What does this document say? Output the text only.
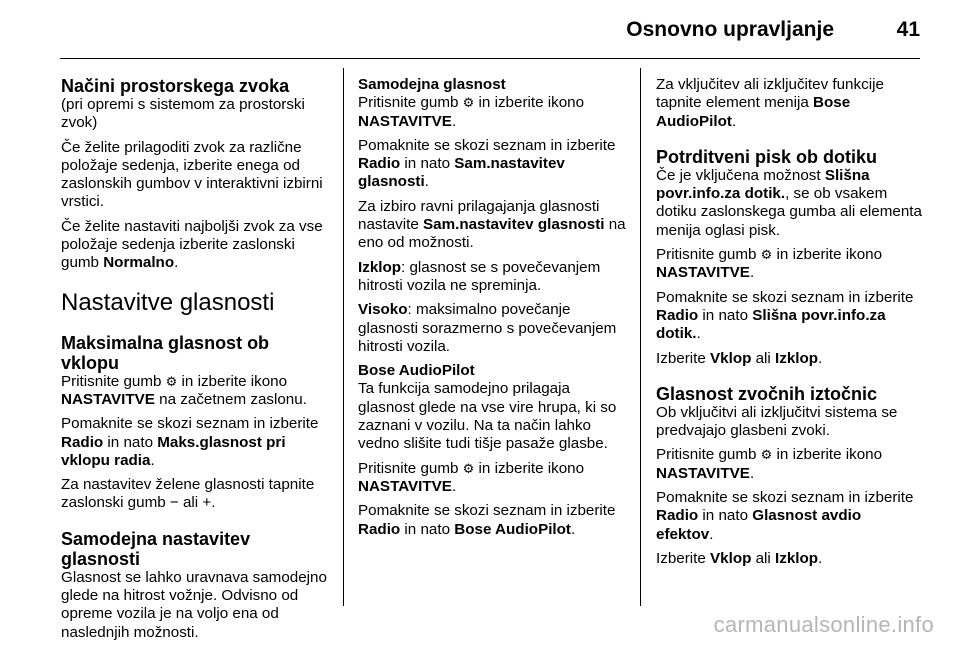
Osnovno upravljanje	41
Načini prostorskega zvoka

(pri opremi s sistemom za prostorski zvok)

Če želite prilagoditi zvok za različne položaje sedenja, izberite enega od zaslonskih gumbov v interaktivni izbirni vrstici.

Če želite nastaviti najboljši zvok za vse položaje sedenja izberite zaslonski gumb Normalno.

Nastavitve glasnosti
Maksimalna glasnost ob vklopu

Pritisnite gumb ⚙ in izberite ikono NASTAVITVE na začetnem zaslonu.

Pomaknite se skozi seznam in izberite Radio in nato Maks.glasnost pri vklopu radia.

Za nastavitev želene glasnosti tapnite zaslonski gumb − ali +.

Samodejna nastavitev glasnosti

Glasnost se lahko uravnava samodejno glede na hitrost vožnje. Odvisno od opreme vozila je na voljo ena od naslednjih možnosti.

Samodejna glasnost

Pritisnite gumb ⚙ in izberite ikono NASTAVITVE.

Pomaknite se skozi seznam in izberite Radio in nato Sam.nastavitev glasnosti.

Za izbiro ravni prilagajanja glasnosti nastavite Sam.nastavitev glasnosti na eno od možnosti.

Izklop: glasnost se s povečevanjem hitrosti vozila ne spreminja.

Visoko: maksimalno povečanje glasnosti sorazmerno s povečevanjem hitrosti vozila.

Bose AudioPilot

Ta funkcija samodejno prilagaja glasnost glede na vse vire hrupa, ki so zaznani v vozilu. Na ta način lahko vedno slišite tudi tišje pasaže glasbe.

Pritisnite gumb ⚙ in izberite ikono NASTAVITVE.

Pomaknite se skozi seznam in izberite Radio in nato Bose AudioPilot.

Za vključitev ali izključitev funkcije tapnite element menija Bose AudioPilot.

Potrditveni pisk ob dotiku

Če je vključena možnost Slišna povr.info.za dotik., se ob vsakem dotiku zaslonskega gumba ali elementa menija oglasi pisk.

Pritisnite gumb ⚙ in izberite ikono NASTAVITVE.

Pomaknite se skozi seznam in izberite Radio in nato Slišna povr.info.za dotik..

Izberite Vklop ali Izklop.

Glasnost zvočnih iztočnic

Ob vključitvi ali izključitvi sistema se predvajajo glasbeni zvoki.

Pritisnite gumb ⚙ in izberite ikono NASTAVITVE.

Pomaknite se skozi seznam in izberite Radio in nato Glasnost avdio efektov.

Izberite Vklop ali Izklop.

carmanualsonline.info
